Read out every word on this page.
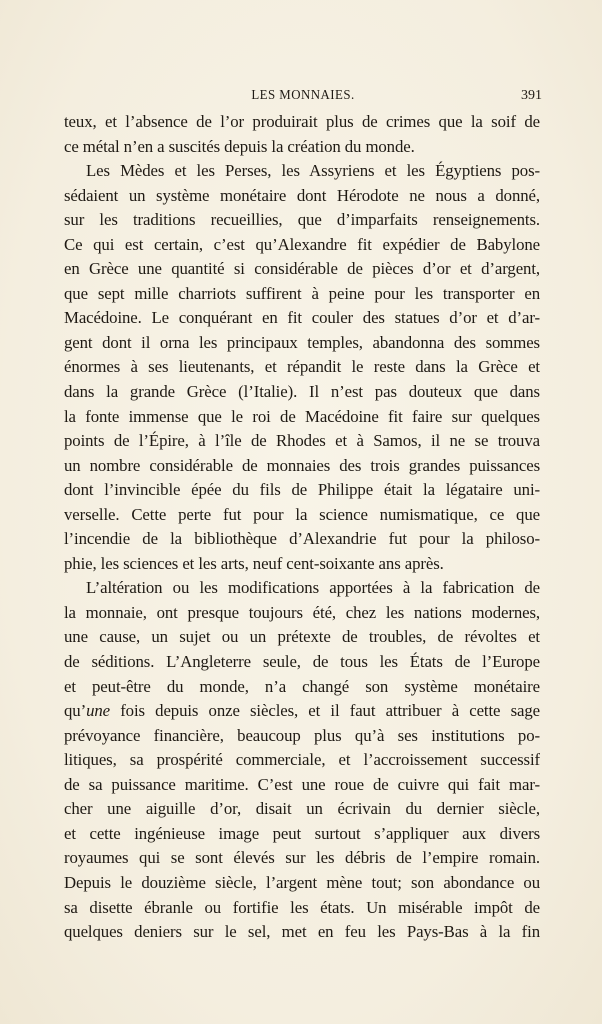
LES MONNAIES.	391
teux, et l’absence de l’or produirait plus de crimes que la soif de
ce métal n’en a suscités depuis la création du monde.
Les Mèdes et les Perses, les Assyriens et les Égyptiens pos-
sédaient un système monétaire dont Hérodote ne nous a donné,
sur les traditions recueillies, que d’imparfaits renseignements.
Ce qui est certain, c’est qu’Alexandre fit expédier de Babylone
en Grèce une quantité si considérable de pièces d’or et d’argent,
que sept mille charriots suffirent à peine pour les transporter en
Macédoine. Le conquérant en fit couler des statues d’or et d’ar-
gent dont il orna les principaux temples, abandonna des sommes
énormes à ses lieutenants, et répandit le reste dans la Grèce et
dans la grande Grèce (l’Italie). Il n’est pas douteux que dans
la fonte immense que le roi de Macédoine fit faire sur quelques
points de l’Épire, à l’île de Rhodes et à Samos, il ne se trouva
un nombre considérable de monnaies des trois grandes puissances
dont l’invincible épée du fils de Philippe était la légataire uni-
verselle. Cette perte fut pour la science numismatique, ce que
l’incendie de la bibliothèque d’Alexandrie fut pour la philoso-
phie, les sciences et les arts, neuf cent-soixante ans après.
L’altération ou les modifications apportées à la fabrication de
la monnaie, ont presque toujours été, chez les nations modernes,
une cause, un sujet ou un prétexte de troubles, de révoltes et
de séditions. L’Angleterre seule, de tous les États de l’Europe
et peut-être du monde, n’a changé son système monétaire
qu’une fois depuis onze siècles, et il faut attribuer à cette sage
prévoyance financière, beaucoup plus qu’à ses institutions po-
litiques, sa prospérité commerciale, et l’accroissement successif
de sa puissance maritime. C’est une roue de cuivre qui fait mar-
cher une aiguille d’or, disait un écrivain du dernier siècle,
et cette ingénieuse image peut surtout s’appliquer aux divers
royaumes qui se sont élevés sur les débris de l’empire romain.
Depuis le douzième siècle, l’argent mène tout; son abondance ou
sa disette ébranle ou fortifie les états. Un misérable impôt de
quelques deniers sur le sel, met en feu les Pays-Bas à la fin
